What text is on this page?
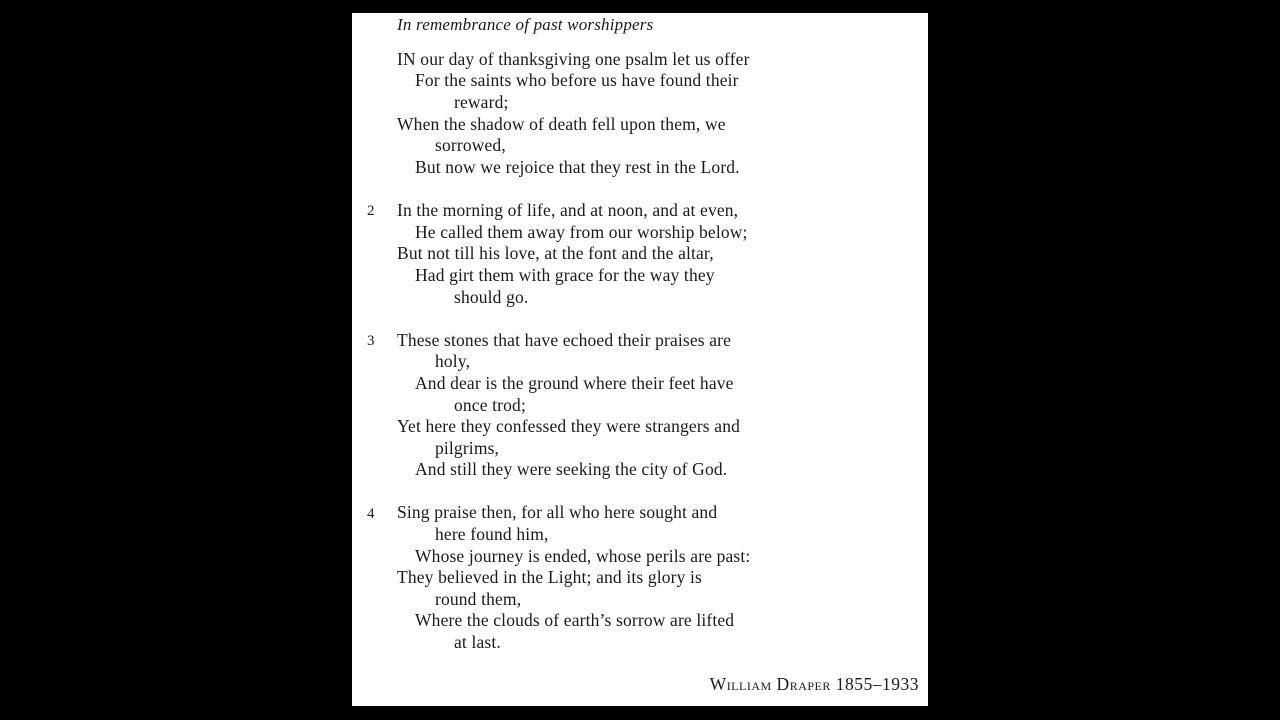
In remembrance of past worshippers
IN our day of thanksgiving one psalm let us offer
For the saints who before us have found their
reward;
When the shadow of death fell upon them, we
sorrowed,
But now we rejoice that they rest in the Lord.
2 In the morning of life, and at noon, and at even,
He called them away from our worship below;
But not till his love, at the font and the altar,
Had girt them with grace for the way they
should go.
3 These stones that have echoed their praises are
holy,
And dear is the ground where their feet have
once trod;
Yet here they confessed they were strangers and
pilgrims,
And still they were seeking the city of God.
4 Sing praise then, for all who here sought and
here found him,
Whose journey is ended, whose perils are past:
They believed in the Light; and its glory is
round them,
Where the clouds of earth’s sorrow are lifted
at last.
William Draper 1855–1933
